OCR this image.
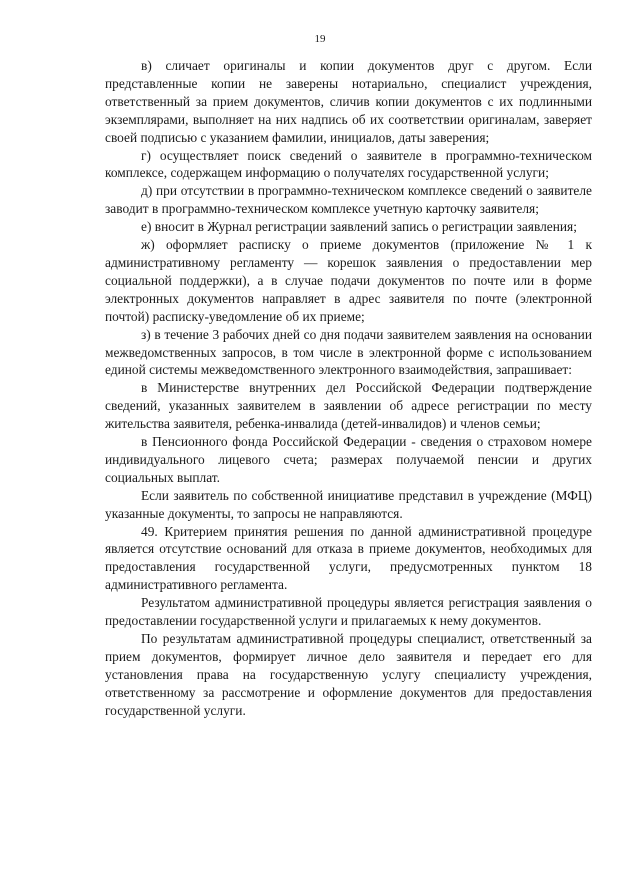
19

в) сличает оригиналы и копии документов друг с другом. Если представленные копии не заверены нотариально, специалист учреждения, ответственный за прием документов, сличив копии документов с их подлинными экземплярами, выполняет на них надпись об их соответствии оригиналам, заверяет своей подписью с указанием фамилии, инициалов, даты заверения;

г) осуществляет поиск сведений о заявителе в программно-техническом комплексе, содержащем информацию о получателях государственной услуги;

д) при отсутствии в программно-техническом комплексе сведений о заявителе заводит в программно-техническом комплексе учетную карточку заявителя;

е) вносит в Журнал регистрации заявлений запись о регистрации заявления;

ж) оформляет расписку о приеме документов (приложение № 1 к административному регламенту — корешок заявления о предоставлении мер социальной поддержки), а в случае подачи документов по почте или в форме электронных документов направляет в адрес заявителя по почте (электронной почтой) расписку-уведомление об их приеме;

з) в течение 3 рабочих дней со дня подачи заявителем заявления на основании межведомственных запросов, в том числе в электронной форме с использованием единой системы межведомственного электронного взаимодействия, запрашивает:

в Министерстве внутренних дел Российской Федерации подтверждение сведений, указанных заявителем в заявлении об адресе регистрации по месту жительства заявителя, ребенка-инвалида (детей-инвалидов) и членов семьи;

в Пенсионного фонда Российской Федерации - сведения о страховом номере индивидуального лицевого счета; размерах получаемой пенсии и других социальных выплат.

Если заявитель по собственной инициативе представил в учреждение (МФЦ) указанные документы, то запросы не направляются.

49. Критерием принятия решения по данной административной процедуре является отсутствие оснований для отказа в приеме документов, необходимых для предоставления государственной услуги, предусмотренных пунктом 18 административного регламента.

Результатом административной процедуры является регистрация заявления о предоставлении государственной услуги и прилагаемых к нему документов.

По результатам административной процедуры специалист, ответственный за прием документов, формирует личное дело заявителя и передает его для установления права на государственную услугу специалисту учреждения, ответственному за рассмотрение и оформление документов для предоставления государственной услуги.
